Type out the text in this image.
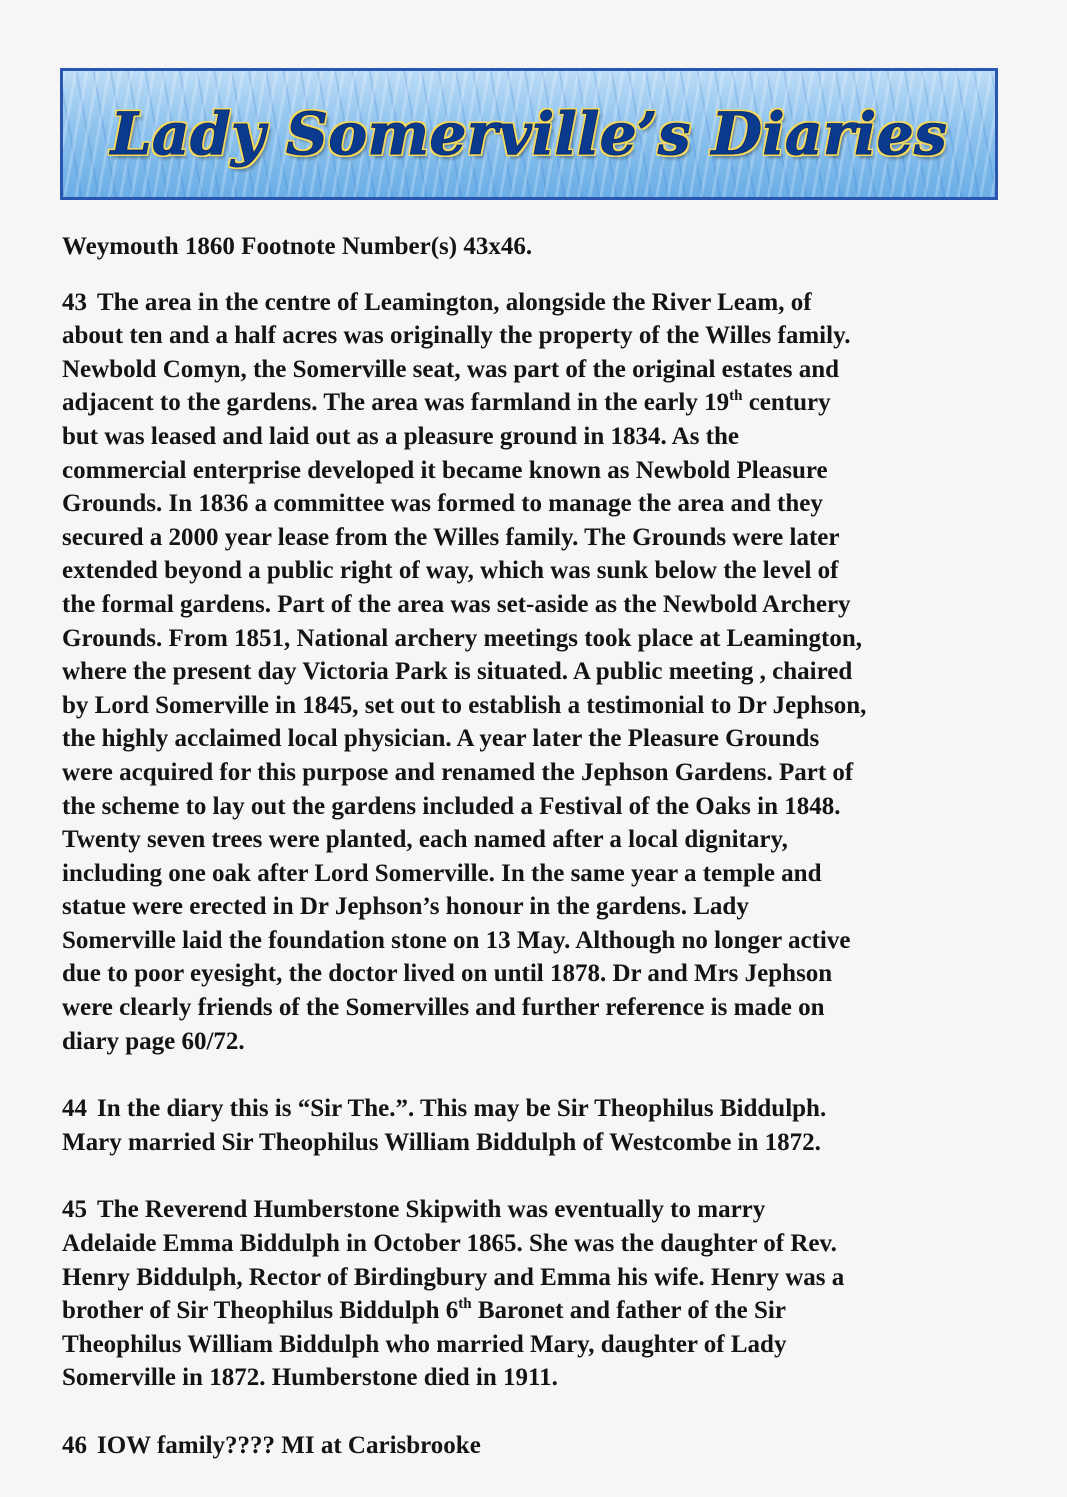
Lady Somerville’s Diaries
Weymouth 1860 Footnote Number(s) 43x46.
43 The area in the centre of Leamington, alongside the River Leam, of
about ten and a half acres was originally the property of the Willes family.
Newbold Comyn, the Somerville seat, was part of the original estates and
adjacent to the gardens. The area was farmland in the early 19th century
but was leased and laid out as a pleasure ground in 1834. As the
commercial enterprise developed it became known as Newbold Pleasure
Grounds. In 1836 a committee was formed to manage the area and they
secured a 2000 year lease from the Willes family. The Grounds were later
extended beyond a public right of way, which was sunk below the level of
the formal gardens. Part of the area was set-aside as the Newbold Archery
Grounds. From 1851, National archery meetings took place at Leamington,
where the present day Victoria Park is situated. A public meeting , chaired
by Lord Somerville in 1845, set out to establish a testimonial to Dr Jephson,
the highly acclaimed local physician. A year later the Pleasure Grounds
were acquired for this purpose and renamed the Jephson Gardens. Part of
the scheme to lay out the gardens included a Festival of the Oaks in 1848.
Twenty seven trees were planted, each named after a local dignitary,
including one oak after Lord Somerville. In the same year a temple and
statue were erected in Dr Jephson’s honour in the gardens. Lady
Somerville laid the foundation stone on 13 May. Although no longer active
due to poor eyesight, the doctor lived on until 1878. Dr and Mrs Jephson
were clearly friends of the Somervilles and further reference is made on
diary page 60/72.
44 In the diary this is “Sir The.”. This may be Sir Theophilus Biddulph.
Mary married Sir Theophilus William Biddulph of Westcombe in 1872.
45 The Reverend Humberstone Skipwith was eventually to marry
Adelaide Emma Biddulph in October 1865. She was the daughter of Rev.
Henry Biddulph, Rector of Birdingbury and Emma his wife. Henry was a
brother of Sir Theophilus Biddulph 6th Baronet and father of the Sir
Theophilus William Biddulph who married Mary, daughter of Lady
Somerville in 1872. Humberstone died in 1911.
46 IOW family???? MI at Carisbrooke
